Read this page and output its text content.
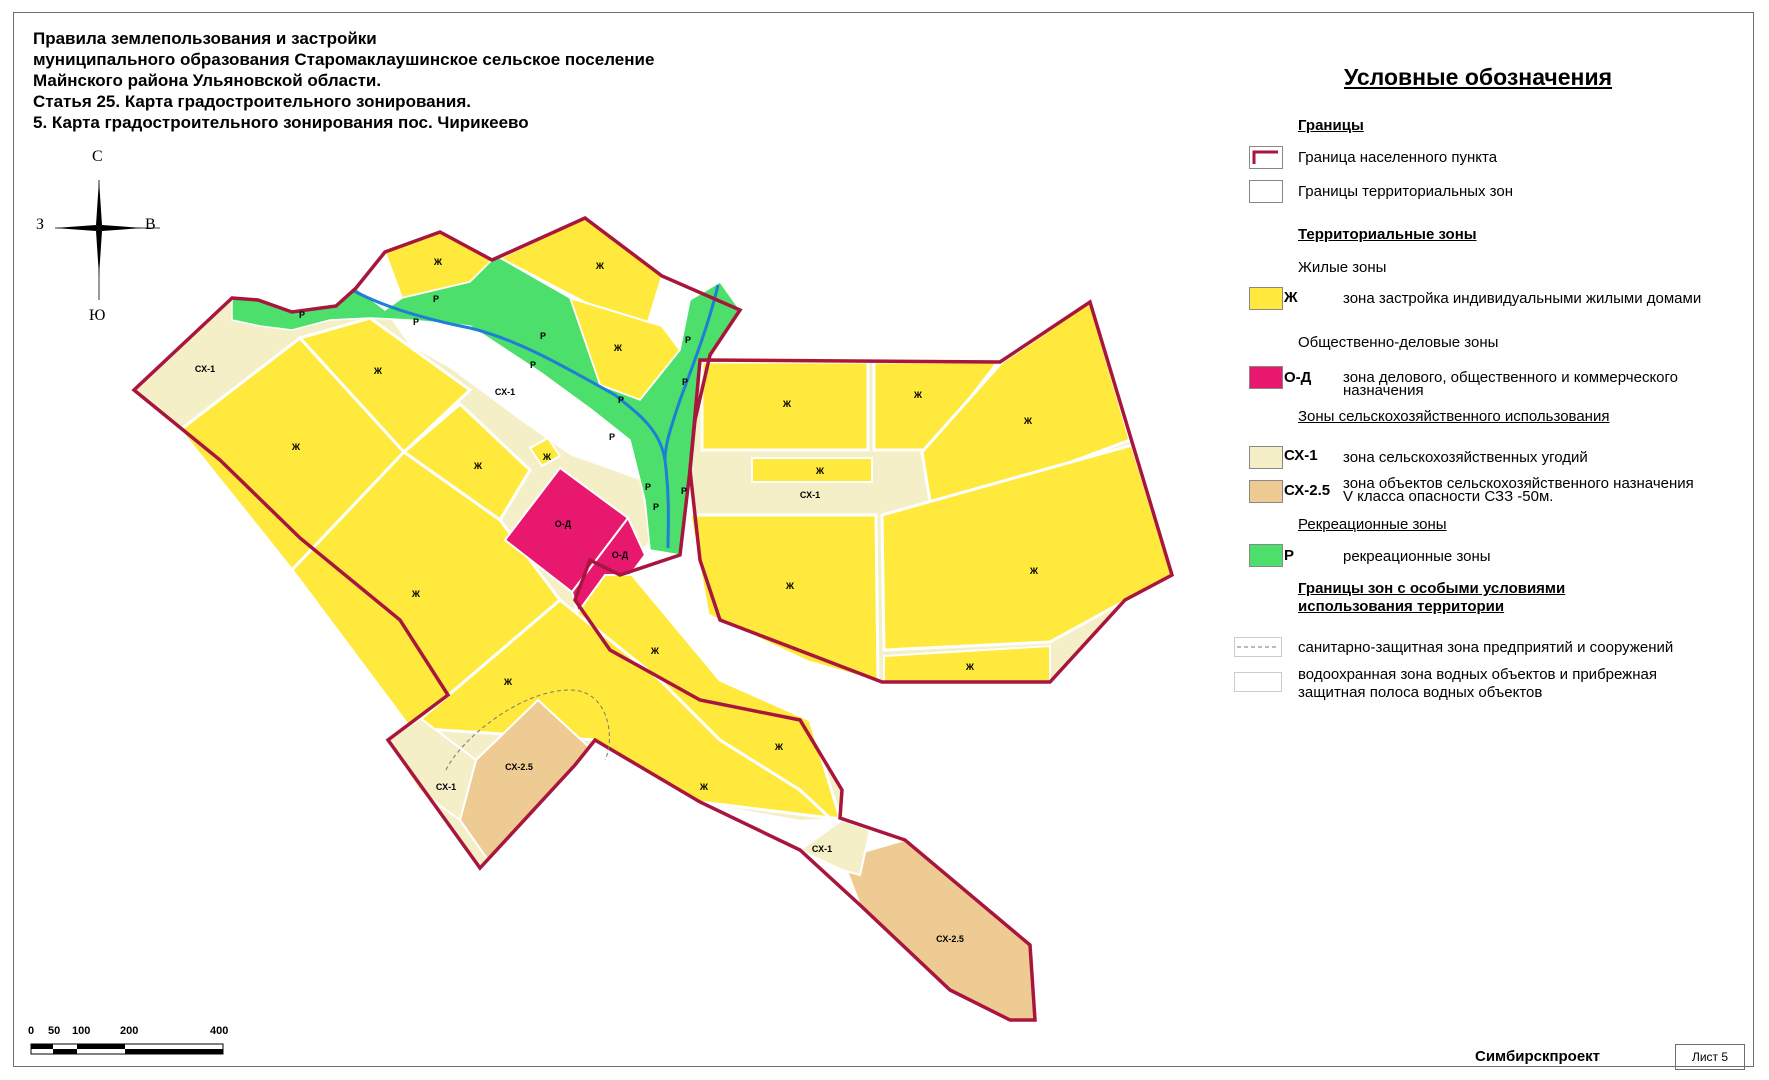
Правила землепользования и застройки
муниципального образования Старомаклаушинское сельское поселение
Майнского района Ульяновской области.
Статья 25. Карта градостроительного зонирования.
5. Карта градостроительного зонирования пос. Чирикеево
С
Ю
З	В
СХ-1
СХ-1
СХ-1
СХ-1
СХ-1
СХ-2.5
СХ-2.5
О-Д
О-Д
Ж	Ж
Ж
Ж
Ж
Ж
Ж
Ж
Ж
Ж
Ж
Ж
Ж
Ж
Ж
Ж
Ж
Ж
Ж
Р
Р
Р
Р
Р
Р
Р
Р
Р
Р
Р
Р
Условные обозначения
Границы
Граница населенного пункта
Границы территориальных зон
Территориальные зоны
Жилые зоны
Ж	зона застройка индивидуальными жилыми домами
Общественно-деловые зоны
О-Д зона делового, общественного и коммерческого
назначения
Зоны сельскохозяйственного использования
СХ-1 зона сельскохозяйственных угодий
СХ-2.5 зона объектов сельскохозяйственного назначения
V класса опасности СЗЗ -50м.
Рекреационные зоны
Р	рекреационные зоны
Границы зон с особыми условиями
использования территории
санитарно-защитная зона предприятий и сооружений
водоохранная зона водных объектов и прибрежная
защитная полоса водных объектов
0 50 100	200	400
Симбирскпроект	Лист 5
